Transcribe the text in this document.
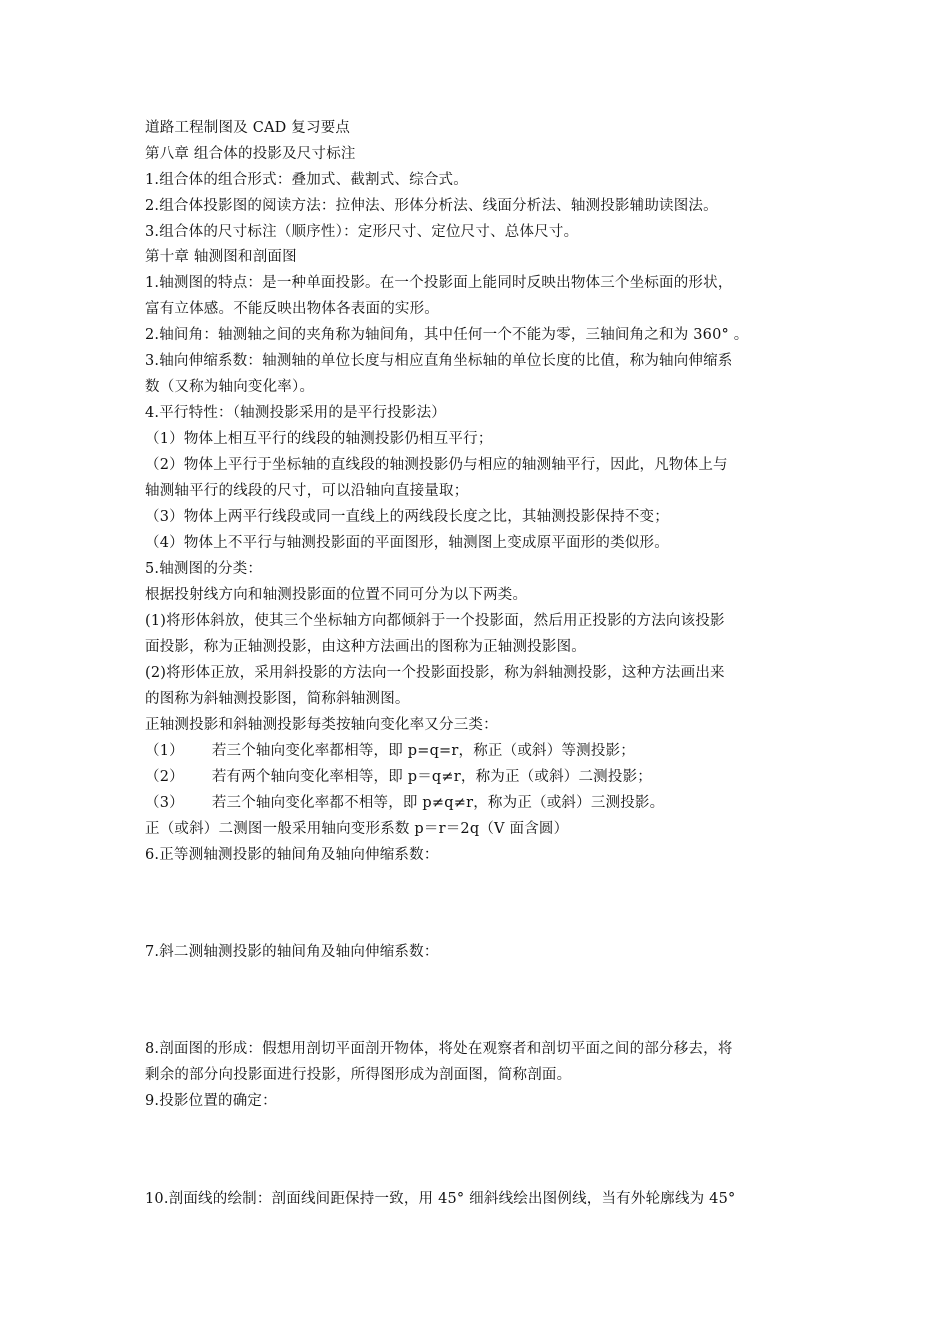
道路工程制图及 CAD 复习要点
第八章 组合体的投影及尺寸标注
1.组合体的组合形式：叠加式、截割式、综合式。
2.组合体投影图的阅读方法：拉伸法、形体分析法、线面分析法、轴测投影辅助读图法。
3.组合体的尺寸标注（顺序性）：定形尺寸、定位尺寸、总体尺寸。
第十章 轴测图和剖面图
1.轴测图的特点：是一种单面投影。在一个投影面上能同时反映出物体三个坐标面的形状，
富有立体感。不能反映出物体各表面的实形。
2.轴间角：轴测轴之间的夹角称为轴间角，其中任何一个不能为零，三轴间角之和为 360° 。
3.轴向伸缩系数：轴测轴的单位长度与相应直角坐标轴的单位长度的比值，称为轴向伸缩系
数（又称为轴向变化率）。
4.平行特性：（轴测投影采用的是平行投影法）
（1）物体上相互平行的线段的轴测投影仍相互平行；
（2）物体上平行于坐标轴的直线段的轴测投影仍与相应的轴测轴平行，因此，凡物体上与
轴测轴平行的线段的尺寸，可以沿轴向直接量取；
（3）物体上两平行线段或同一直线上的两线段长度之比，其轴测投影保持不变；
（4）物体上不平行与轴测投影面的平面图形，轴测图上变成原平面形的类似形。
5.轴测图的分类：
根据投射线方向和轴测投影面的位置不同可分为以下两类。
(1)将形体斜放，使其三个坐标轴方向都倾斜于一个投影面，然后用正投影的方法向该投影
面投影，称为正轴测投影，由这种方法画出的图称为正轴测投影图。
(2)将形体正放，采用斜投影的方法向一个投影面投影，称为斜轴测投影，这种方法画出来
的图称为斜轴测投影图，简称斜轴测图。
正轴测投影和斜轴测投影每类按轴向变化率又分三类：
（1） 若三个轴向变化率都相等，即 p=q=r，称正（或斜）等测投影；
（2） 若有两个轴向变化率相等，即 p＝q≠r，称为正（或斜）二测投影；
（3） 若三个轴向变化率都不相等，即 p≠q≠r，称为正（或斜）三测投影。
正（或斜）二测图一般采用轴向变形系数 p＝r＝2q（V 面含圆）
6.正等测轴测投影的轴间角及轴向伸缩系数：
7.斜二测轴测投影的轴间角及轴向伸缩系数：
8.剖面图的形成：假想用剖切平面剖开物体，将处在观察者和剖切平面之间的部分移去，将
剩余的部分向投影面进行投影，所得图形成为剖面图，简称剖面。
9.投影位置的确定：
10.剖面线的绘制：剖面线间距保持一致，用 45° 细斜线绘出图例线，当有外轮廓线为 45°
